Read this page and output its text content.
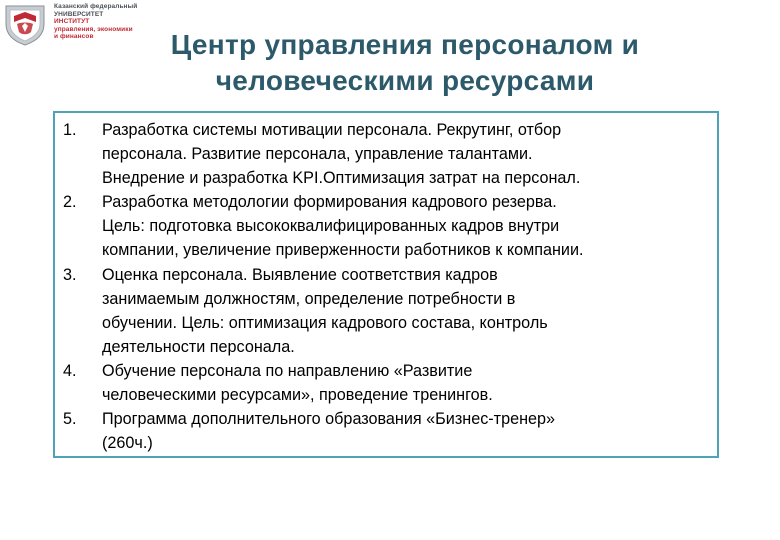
Казанский федеральный
УНИВЕРСИТЕТ
ИНСТИТУТ
управления, экономики
и финансов	Центр управления персоналом и
человеческими ресурсами
1.	Разработка системы мотивации персонала. Рекрутинг, отбор
персонала. Развитие персонала, управление талантами.
Внедрение и разработка KPI.Оптимизация затрат на персонал.
2.	Разработка методологии формирования кадрового резерва.
Цель: подготовка высококвалифицированных кадров внутри
компании, увеличение приверженности работников к компании.
3.	Оценка персонала. Выявление соответствия кадров
занимаемым должностям, определение потребности в
обучении. Цель: оптимизация кадрового состава, контроль
деятельности персонала.
4.	Обучение персонала по направлению «Развитие
человеческими ресурсами», проведение тренингов.
5.	Программа дополнительного образования «Бизнес-тренер»
(260ч.)
